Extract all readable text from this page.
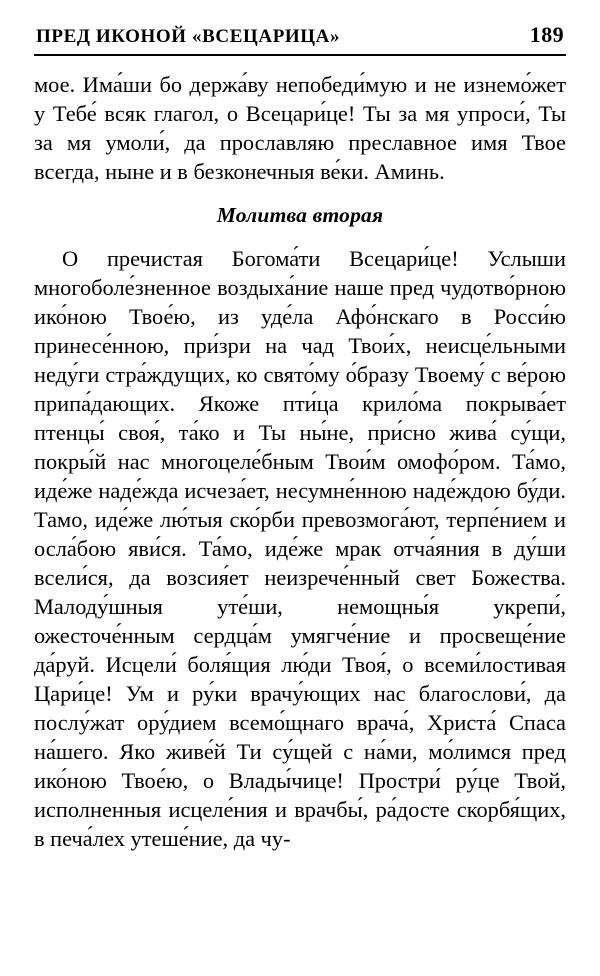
ПРЕД ИКОНОЙ «ВСЕЦАРИЦА»	189

мое. Има́ши бо держа́ву непобеди́мую и не изнемо́жет у Тебе́ всяк глагол, о Всецари́це! Ты за мя упроси́, Ты за мя умоли́, да прославляю преславное имя Твое всегда, ныне и в безконечныя ве́ки. Аминь.

Молитва вторая

О пречистая Богома́ти Всецари́це! Услыши многоболе́зненное воздыха́ние наше пред чудотво́рною ико́ною Твое́ю, из уде́ла Афо́нскаго в Росси́ю принесе́нною, при́зри на чад Твои́х, неисце́льными неду́ги стра́ждущих, ко свято́му о́бразу Твоему́ с ве́рою припа́дающих. Якоже пти́ца крило́ма покрыва́ет птенцы́ своя́, та́ко и Ты ны́не, при́сно жива́ су́щи, покры́й нас многоцеле́бным Твои́м омофо́ром. Та́мо, иде́же наде́жда исчеза́ет, несумне́нною наде́ждою бу́ди. Тамо, иде́же лю́тыя ско́рби превозмога́ют, терпе́нием и осла́бою яви́ся. Та́мо, иде́же мрак отча́яния в ду́ши всели́ся, да возсия́ет неизрече́нный свет Божества. Малоду́шныя уте́ши, немощны́я укрепи́, ожесточе́нным сердца́м умягче́ние и просвеще́ние да́руй. Исцели́ боля́щия лю́ди Твоя́, о всеми́лостивая Цари́це! Ум и ру́ки врачу́ющих нас благослови́, да послу́жат ору́дием всемо́щнаго врача́, Христа́ Спаса на́шего. Яко живе́й Ти су́щей с на́ми, мо́лимся пред ико́ною Твое́ю, о Влады́чице! Простри́ ру́це Твой, исполненныя исцеле́ния и врачбы́, ра́досте скорбя́щих, в печа́лех утеше́ние, да чу-
